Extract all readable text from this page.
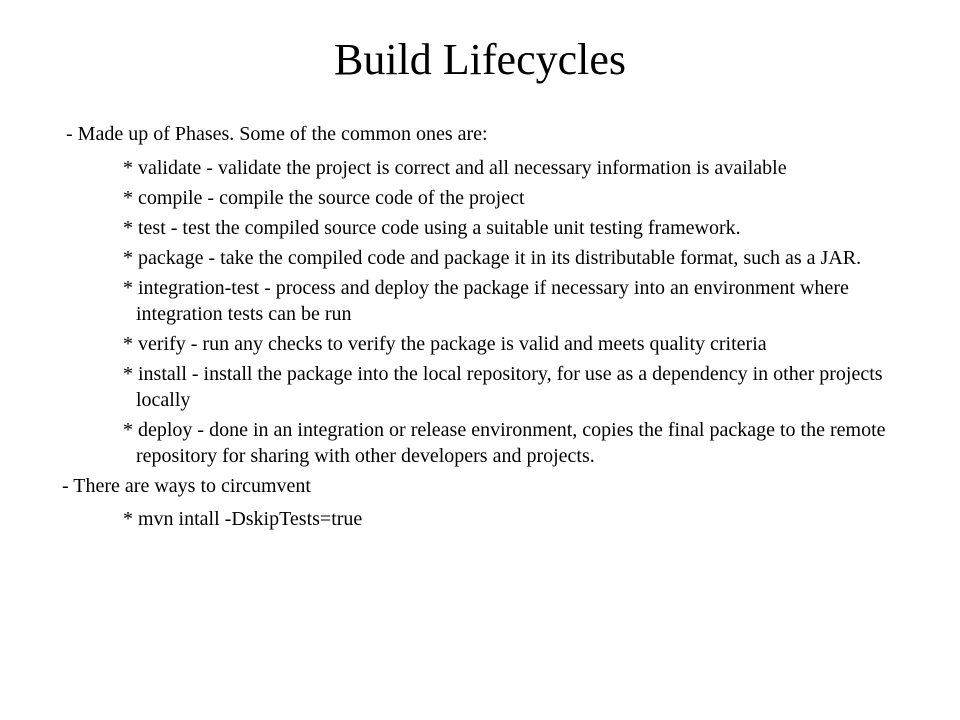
Build Lifecycles

- Made up of Phases. Some of the common ones are:

* validate - validate the project is correct and all necessary information is available

* compile - compile the source code of the project

* test - test the compiled source code using a suitable unit testing framework.

* package - take the compiled code and package it in its distributable format, such as a JAR.

* integration-test - process and deploy the package if necessary into an environment where integration tests can be run

* verify - run any checks to verify the package is valid and meets quality criteria

* install - install the package into the local repository, for use as a dependency in other projects locally

* deploy - done in an integration or release environment, copies the final package to the remote repository for sharing with other developers and projects.

- There are ways to circumvent

* mvn intall -DskipTests=true
